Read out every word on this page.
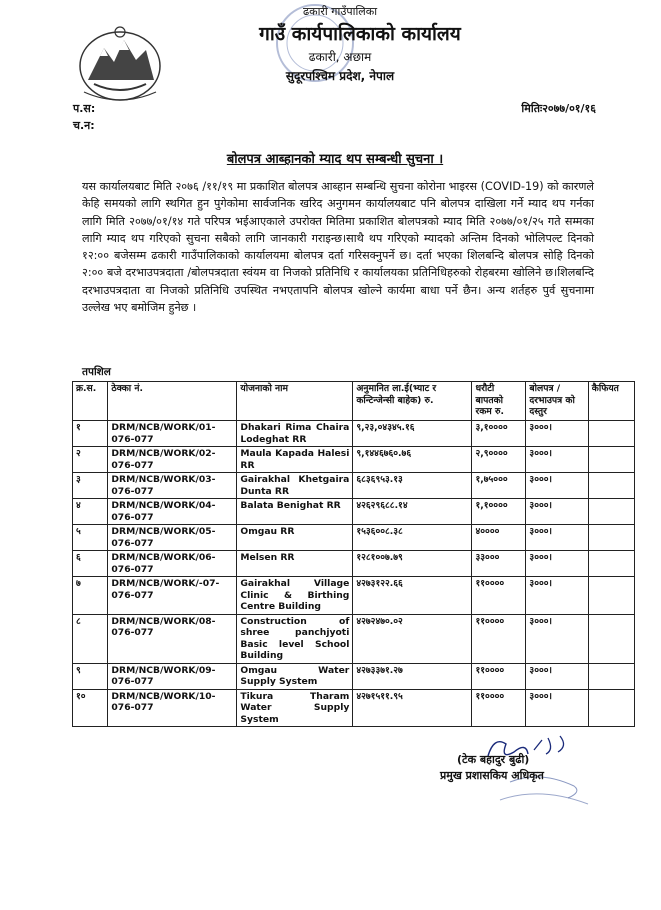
ढकारी गाउँपालिका
गाउँ कार्यपालिकाको कार्यालय
ढकारी, अछाम
सुदूरपश्चिम प्रदेश, नेपाल
प.स:
च.न:
मितिः२०७७/०१/१६
बोलपत्र आब्हानको म्याद थप सम्बन्धी सुचना ।
यस कार्यालयबाट मिति २०७६ /११/१९ मा प्रकाशित बोलपत्र आब्हान सम्बन्धि सुचना कोरोना भाइरस (COVID-19) को कारणले केहि समयको लागि स्थगित हुन पुगेकोमा सार्वजनिक खरिद अनुगमन कार्यालयबाट पनि बोलपत्र दाखिला गर्ने म्याद थप गर्नका लागि मिति २०७७/०१/१४ गते परिपत्र भईआएकाले उपरोक्त मितिमा प्रकाशित बोलपत्रको म्याद मिति २०७७/०१/२५ गते सम्मका लागि म्याद थप गरिएको सुचना सबैको लागि जानकारी गराइन्छ।साथै थप गरिएको म्यादको अन्तिम दिनको भोलिपल्ट दिनको १२:०० बजेसम्म ढकारी गाउँपालिकाको कार्यालयमा बोलपत्र दर्ता गरिसक्नुपर्ने छ। दर्ता भएका शिलबन्दि बोलपत्र सोहि दिनको २:०० बजे दरभाउपत्रदाता /बोलपत्रदाता स्वंयम वा निजको प्रतिनिधि र कार्यालयका प्रतिनिधिहरुको रोहबरमा खोलिने छ।शिलबन्दि दरभाउपत्रदाता वा निजको प्रतिनिधि उपस्थित नभएतापनि बोलपत्र खोल्ने कार्यमा बाधा पर्ने छैन। अन्य शर्तहरु पुर्व सुचनामा उल्लेख भए बमोजिम हुनेछ ।
तपशिल
क्र.स.	ठेक्का नं.	योजनाको नाम	अनुमानित ला.ई(भ्याट र कन्टिन्जेन्सी बाहेक) रु.	धरौटी बापतको रकम रु.	बोलपत्र /दरभाउपत्र को दस्तुर	कैफियत
१	DRM/NCB/WORK/01-076-077	Dhakari Rima Chaira Lodeghat RR	९,२३,०४३४५.१६	३,१००००	३०००।	
२	DRM/NCB/WORK/02-076-077	Maula Kapada Halesi RR	९,१४४६७६०.७६	२,९००००	३०००।	
३	DRM/NCB/WORK/03-076-077	Gairakhal Khetgaira Dunta RR	६८३६९५३.१३	१,७५०००	३०००।	
४	DRM/NCB/WORK/04-076-077	Balata Benighat RR	४२६२९६८८.१४	१,१००००	३०००।	
५	DRM/NCB/WORK/05-076-077	Omgau RR	१५३६००८.३८	४००००	३०००।	
६	DRM/NCB/WORK/06-076-077	Melsen RR	१२८१००७.७९	३३०००	३०००।	
७	DRM/NCB/WORK/-07-076-077	Gairakhal Village Clinic & Birthing Centre Building	४२७३१२२.६६	११००००	३०००।	
८	DRM/NCB/WORK/08-076-077	Construction of shree panchjyoti Basic level School Building	४२७२४७०.०२	११००००	३०००।	
९	DRM/NCB/WORK/09-076-077	Omgau Water Supply System	४२७३३७१.२७	११००००	३०००।	
१०	DRM/NCB/WORK/10-076-077	Tikura Tharam Water Supply System	४२७१५११.९५	११००००	३०००।	
(टेक बहादुर बुढी)
प्रमुख प्रशासकिय अधिकृत
